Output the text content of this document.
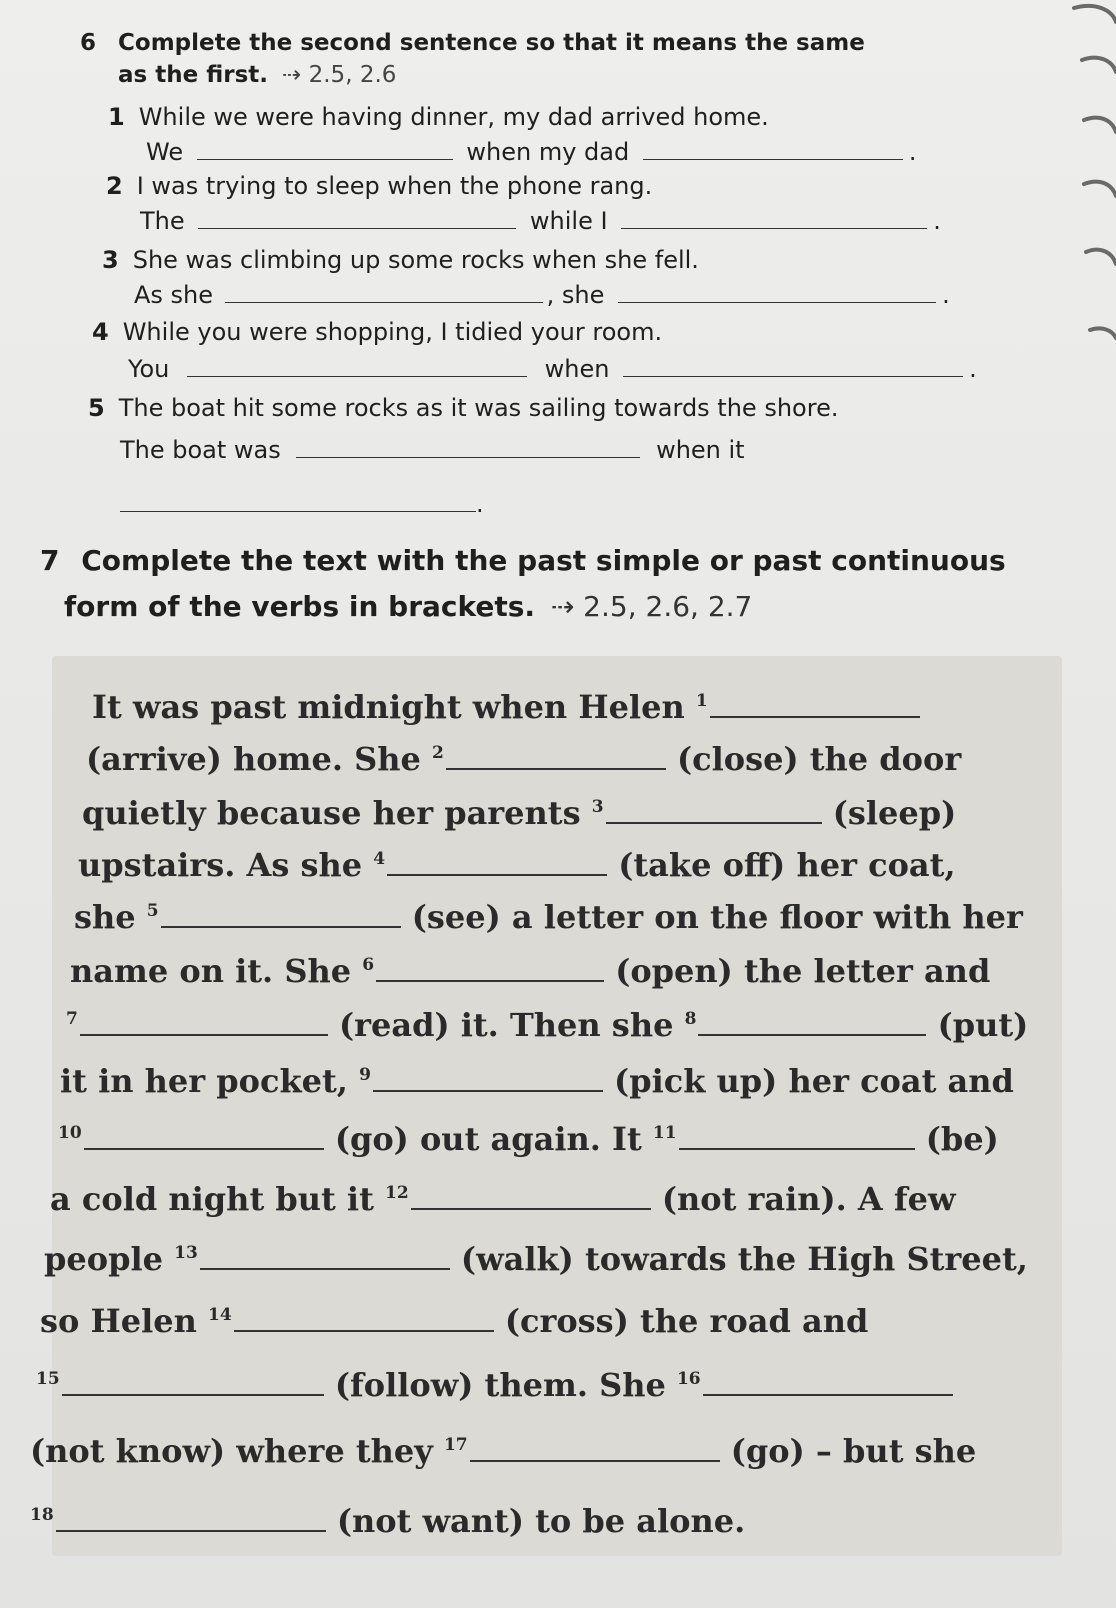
6 Complete the second sentence so that it means the same
as the first. ⇢ 2.5, 2.6
1 While we were having dinner, my dad arrived home.
We	when my dad	.
2 I was trying to sleep when the phone rang.
The	while I	.
3 She was climbing up some rocks when she fell.
As she	, she	.
4 While you were shopping, I tidied your room.
You	when	.
5 The boat hit some rocks as it was sailing towards the shore.
The boat was	when it
.
7 Complete the text with the past simple or past continuous
form of the verbs in brackets. ⇢ 2.5, 2.6, 2.7
It was past midnight when Helen $^1$
(arrive) home. She $^2$	(close) the door
quietly because her parents $^3$	(sleep)
upstairs. As she $^4$	(take off) her coat,
she $^5$	(see) a letter on the floor with her
name on it. She $^6$	(open) the letter and
$^7$	(read) it. Then she $^8$	(put)
it in her pocket, $^9$	(pick up) her coat and
$^{10}$	(go) out again. It $^{11}$	(be)
a cold night but it $^{12}$	(not rain). A few
people $^{13}$	(walk) towards the High Street,
so Helen $^{14}$	(cross) the road and
$^{15}$	(follow) them. She $^{16}$
(not know) where they $^{17}$	(go) – but she
$^{18}$	(not want) to be alone.
